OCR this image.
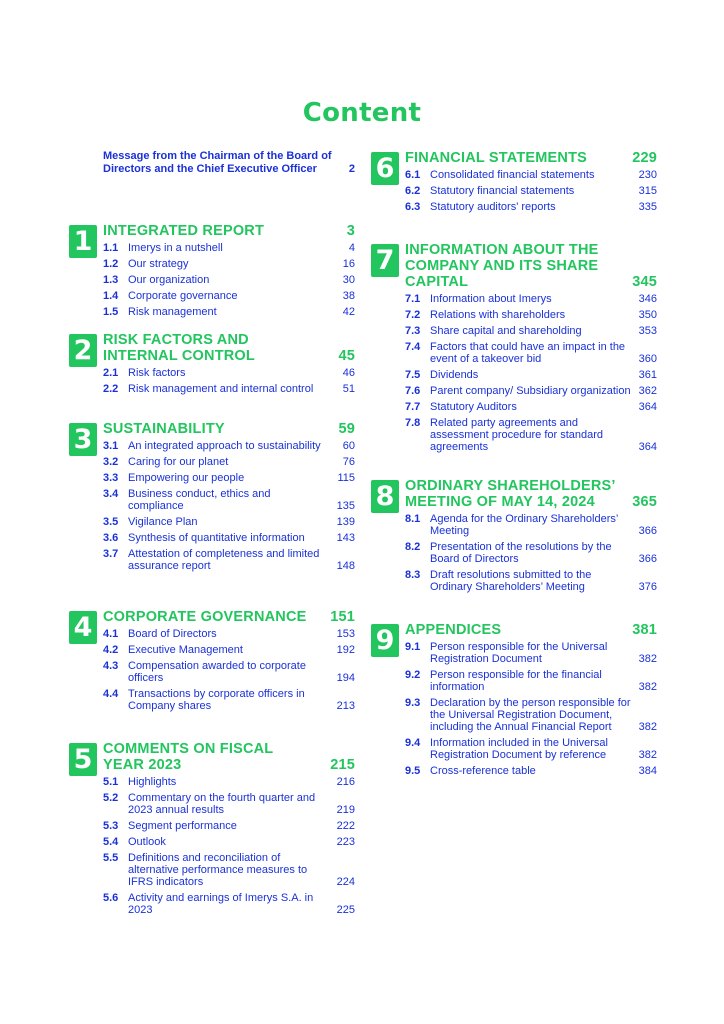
Content
Message from the Chairman of the Board of Directors and the Chief Executive Officer	2
1 INTEGRATED REPORT	3
1.1 Imerys in a nutshell	4
1.2 Our strategy	16
1.3 Our organization	30
1.4 Corporate governance	38
1.5 Risk management	42
2 RISK FACTORS AND INTERNAL CONTROL	45
2.1 Risk factors	46
2.2 Risk management and internal control	51
3 SUSTAINABILITY	59
3.1 An integrated approach to sustainability 60
3.2 Caring for our planet	76
3.3 Empowering our people	115
3.4 Business conduct, ethics and compliance	135
3.5 Vigilance Plan	139
3.6 Synthesis of quantitative information	143
3.7 Attestation of completeness and limited assurance report	148
4 CORPORATE GOVERNANCE 151
4.1 Board of Directors	153
4.2 Executive Management	192
4.3 Compensation awarded to corporate officers	194
4.4 Transactions by corporate officers in Company shares	213
5 COMMENTS ON FISCAL YEAR 2023	215
5.1 Highlights	216
5.2 Commentary on the fourth quarter and 2023 annual results	219
5.3 Segment performance	222
5.4 Outlook	223
5.5 Definitions and reconciliation of alternative performance measures to IFRS indicators	224
5.6 Activity and earnings of Imerys S.A. in 2023	225
6 FINANCIAL STATEMENTS	229
6.1 Consolidated financial statements	230
6.2 Statutory financial statements	315
6.3 Statutory auditors' reports	335
7 INFORMATION ABOUT THE COMPANY AND ITS SHARE CAPITAL	345
7.1 Information about Imerys	346
7.2 Relations with shareholders	350
7.3 Share capital and shareholding	353
7.4 Factors that could have an impact in the event of a takeover bid	360
7.5 Dividends	361
7.6 Parent company/ Subsidiary organization 362
7.7 Statutory Auditors	364
7.8 Related party agreements and assessment procedure for standard agreements	364
8 ORDINARY SHAREHOLDERS’ MEETING OF MAY 14, 2024	365
8.1 Agenda for the Ordinary Shareholders’ Meeting	366
8.2 Presentation of the resolutions by the Board of Directors	366
8.3 Draft resolutions submitted to the Ordinary Shareholders’ Meeting	376
9 APPENDICES	381
9.1 Person responsible for the Universal Registration Document	382
9.2 Person responsible for the financial information	382
9.3 Declaration by the person responsible for the Universal Registration Document, including the Annual Financial Report 382
9.4 Information included in the Universal Registration Document by reference	382
9.5 Cross-reference table	384
